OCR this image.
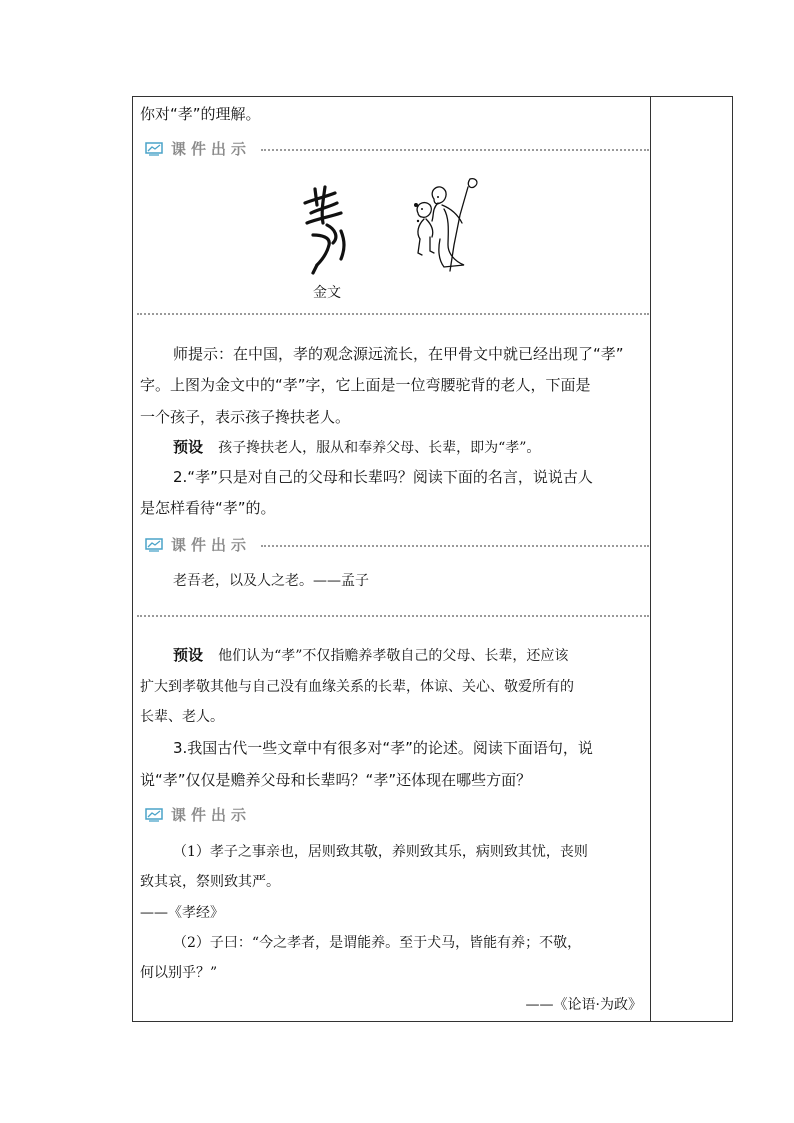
你对“孝”的理解。
课件出示
金文
师提示：在中国，孝的观念源远流长，在甲骨文中就已经出现了“孝”
字。上图为金文中的“孝”字，它上面是一位弯腰驼背的老人，下面是
一个孩子，表示孩子搀扶老人。
预设 孩子搀扶老人，服从和奉养父母、长辈，即为“孝”。
2.“孝”只是对自己的父母和长辈吗？阅读下面的名言，说说古人
是怎样看待“孝”的。
课件出示
老吾老，以及人之老。——孟子
预设 他们认为“孝”不仅指赡养孝敬自己的父母、长辈，还应该
扩大到孝敬其他与自己没有血缘关系的长辈，体谅、关心、敬爱所有的
长辈、老人。
3.我国古代一些文章中有很多对“孝”的论述。阅读下面语句，说
说“孝”仅仅是赡养父母和长辈吗？“孝”还体现在哪些方面？
课件出示
（1）孝子之事亲也，居则致其敬，养则致其乐，病则致其忧，丧则
致其哀，祭则致其严。
——《孝经》
（2）子曰：“今之孝者，是谓能养。至于犬马，皆能有养；不敬，
何以别乎？”
——《论语·为政》
